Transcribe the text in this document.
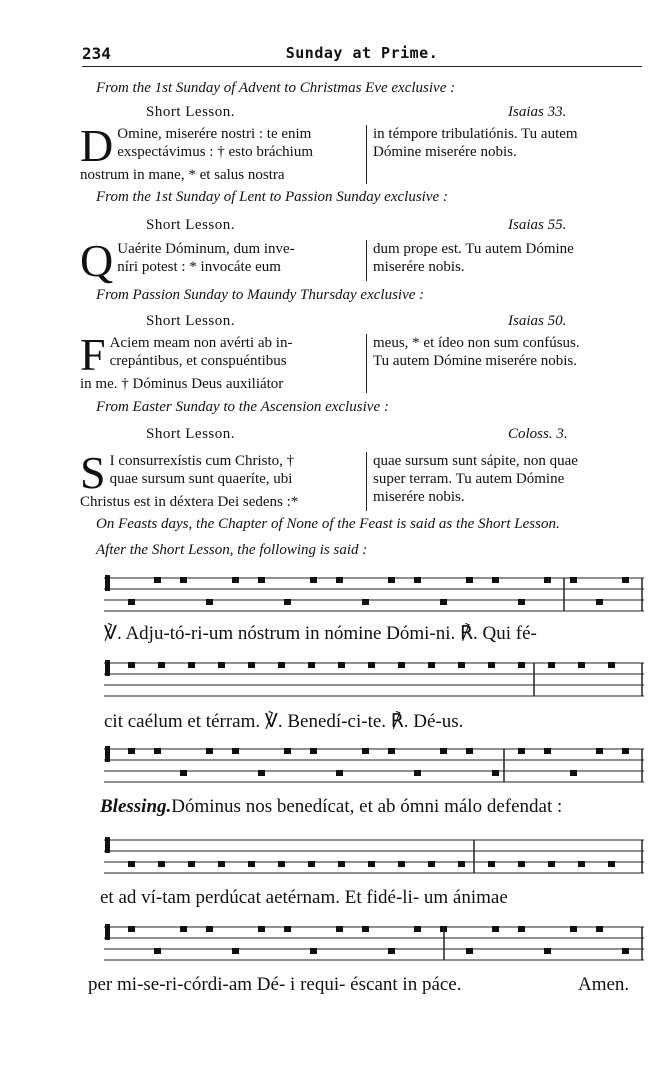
234	Sunday at Prime.
From the 1st Sunday of Advent to Christmas Eve exclusive :
Short Lesson.	Isaias 33.
D Omine, miserére nostri : te enim
exspectávimus : † esto bráchium
nostrum in mane, * et salus nostra
in témpore tribulatiónis. Tu autem
Dómine miserére nobis.
From the 1st Sunday of Lent to Passion Sunday exclusive :
Short Lesson.	Isaias 55.
Q Uaérite Dóminum, dum inve-
níri potest : * invocáte eum
dum prope est. Tu autem Dómine
miserére nobis.
From Passion Sunday to Maundy Thursday exclusive :
Short Lesson.	Isaias 50.
F Aciem meam non avérti ab in-
crepántibus, et conspuéntibus
in me. † Dóminus Deus auxiliátor
meus, * et ídeo non sum confúsus.
Tu autem Dómine miserére nobis.
From Easter Sunday to the Ascension exclusive :
Short Lesson.	Coloss. 3.
S I consurrexístis cum Christo, †
quae sursum sunt quaeríte, ubi
Christus est in déxtera Dei sedens :*
quae sursum sunt sápite, non quae
super terram. Tu autem Dómine
miserére nobis.
On Feasts days, the Chapter of None of the Feast is said as the Short Lesson.
After the Short Lesson, the following is said :
℣. Adju-tó-ri-um nóstrum in nómine Dómi-ni. ℟. Qui fé-
cit caélum et térram. ℣. Benedí-ci-te. ℟. Dé-us.
Blessing.Dóminus nos benedícat, et ab ómni málo defendat :
et ad ví-tam perdúcat aetérnam. Et fidé-li- um ánimae
per mi-se-ri-córdi-am Dé- i requi- éscant in páce.	Amen.
